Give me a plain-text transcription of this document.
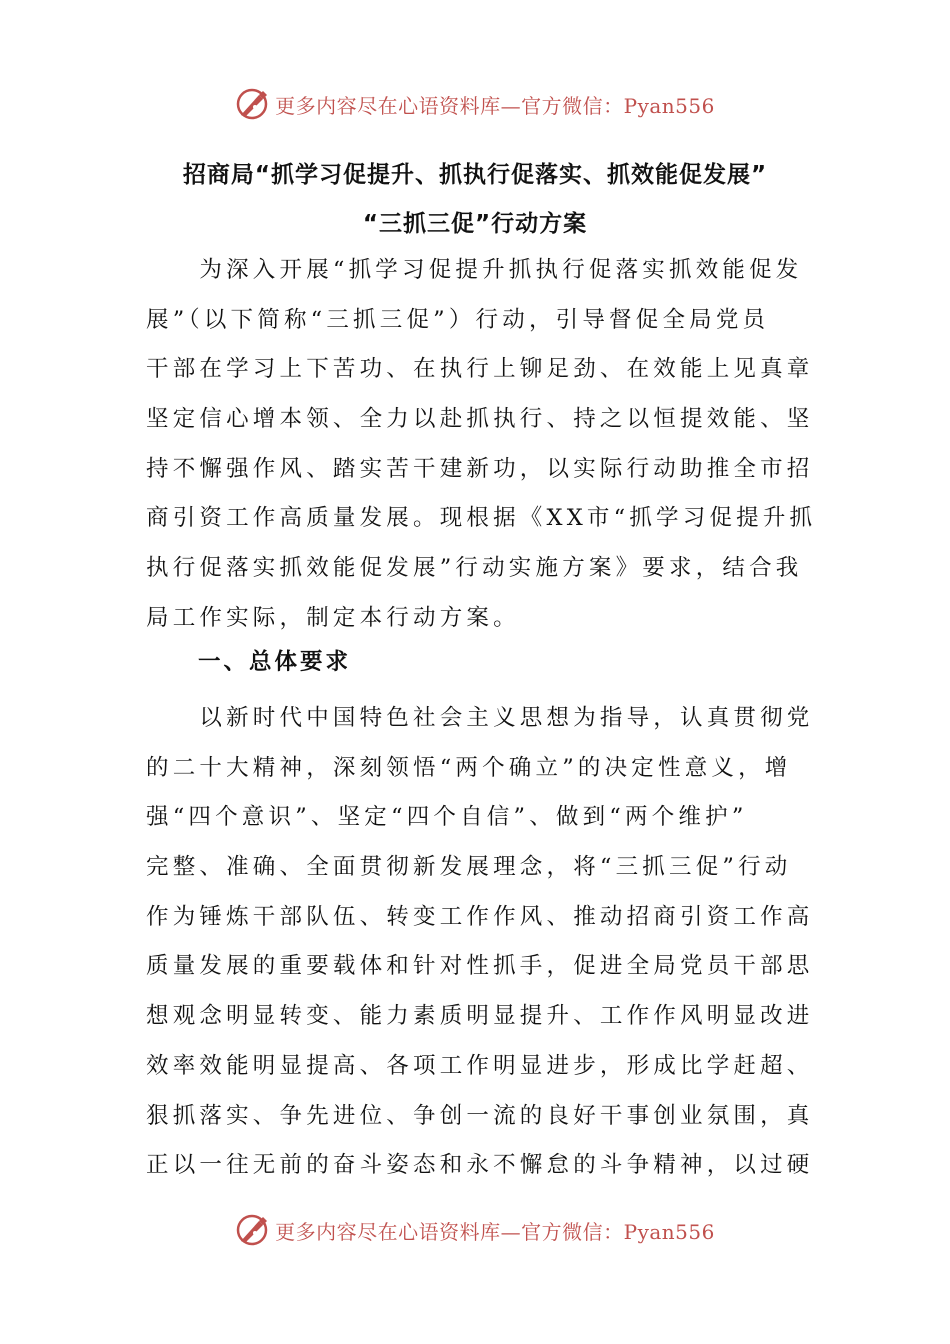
更多内容尽在心语资料库—官方微信：Pyan556
招商局“抓学习促提升、抓执行促落实、抓效能促发展”
“三抓三促”行动方案
　　为深入开展“抓学习促提升抓执行促落实抓效能促发
展”（以下简称“三抓三促”）行动，引导督促全局党员
干部在学习上下苦功、在执行上铆足劲、在效能上见真章
坚定信心增本领、全力以赴抓执行、持之以恒提效能、坚
持不懈强作风、踏实苦干建新功，以实际行动助推全市招
商引资工作高质量发展。现根据《XX市“抓学习促提升抓
执行促落实抓效能促发展”行动实施方案》要求，结合我
局工作实际，制定本行动方案。
一、总体要求
　　以新时代中国特色社会主义思想为指导，认真贯彻党
的二十大精神，深刻领悟“两个确立”的决定性意义，增
强“四个意识”、坚定“四个自信”、做到“两个维护”
完整、准确、全面贯彻新发展理念，将“三抓三促”行动
作为锤炼干部队伍、转变工作作风、推动招商引资工作高
质量发展的重要载体和针对性抓手，促进全局党员干部思
想观念明显转变、能力素质明显提升、工作作风明显改进
效率效能明显提高、各项工作明显进步，形成比学赶超、
狠抓落实、争先进位、争创一流的良好干事创业氛围，真
正以一往无前的奋斗姿态和永不懈怠的斗争精神，以过硬
更多内容尽在心语资料库—官方微信：Pyan556
